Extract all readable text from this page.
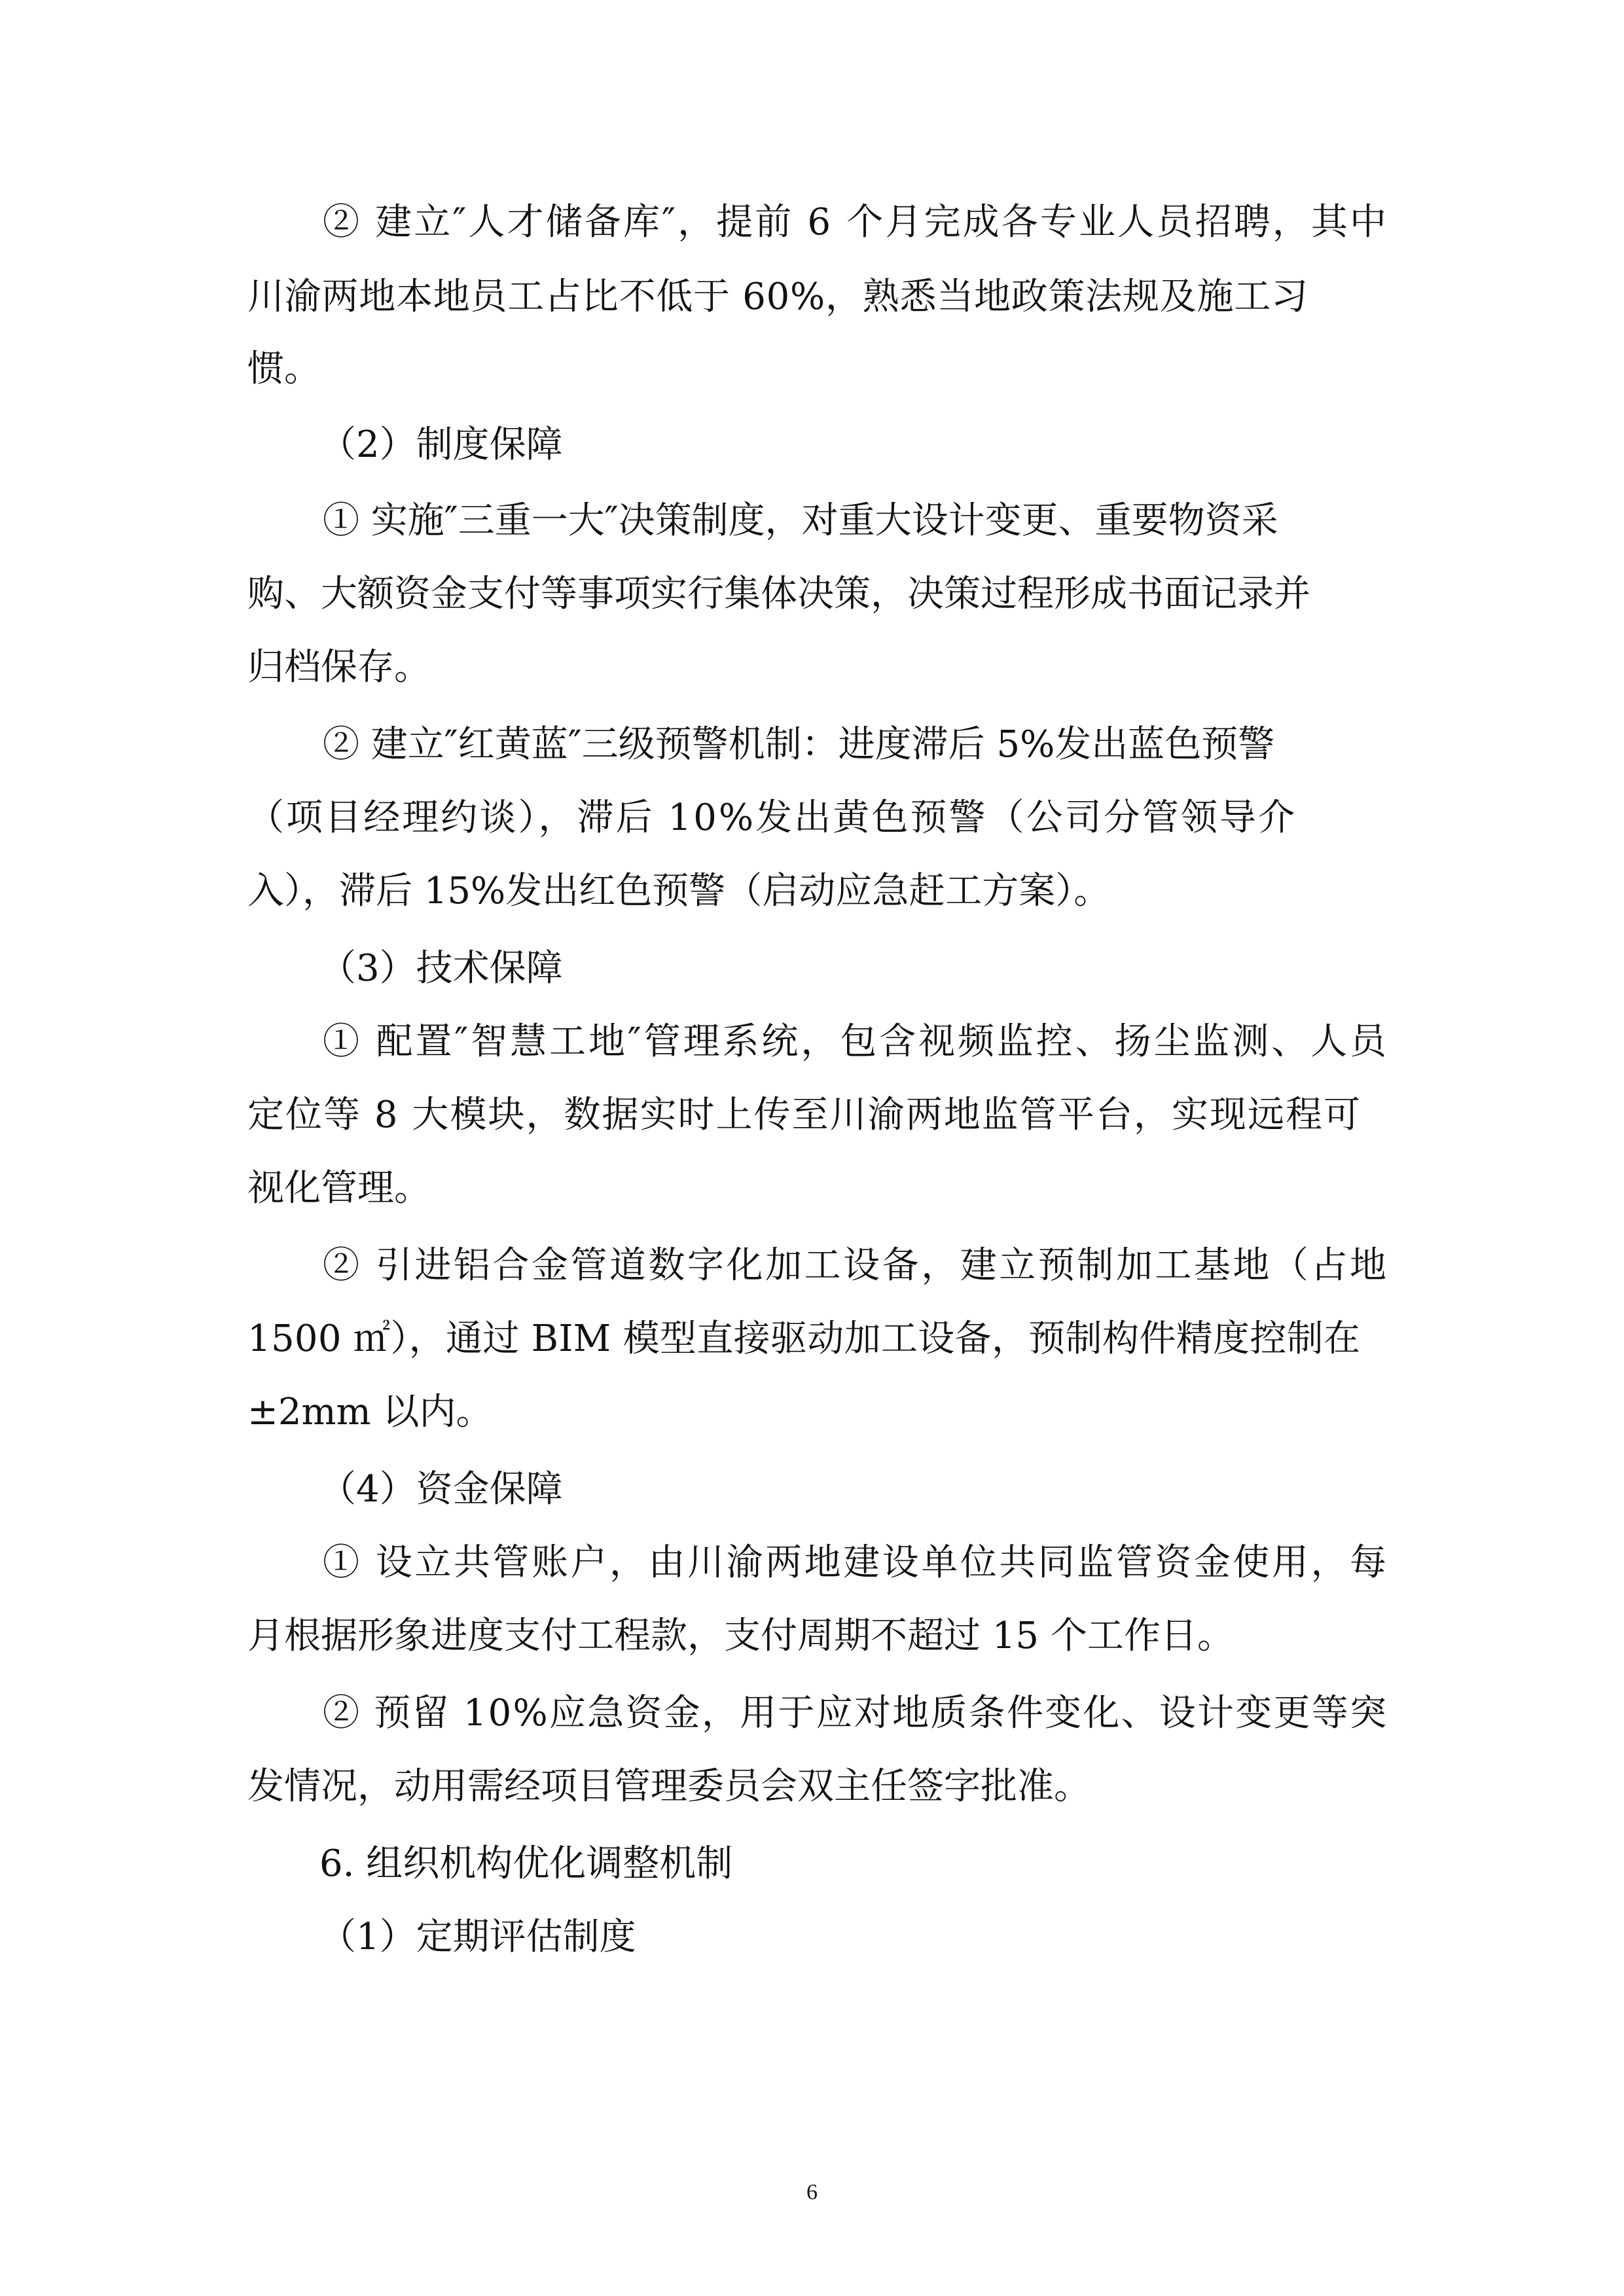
② 建立″人才储备库″，提前 6 个月完成各专业人员招聘，其中
川渝两地本地员工占比不低于 60%，熟悉当地政策法规及施工习
惯。
（2）制度保障
① 实施″三重一大″决策制度，对重大设计变更、重要物资采
购、大额资金支付等事项实行集体决策，决策过程形成书面记录并
归档保存。
② 建立″红黄蓝″三级预警机制：进度滞后 5%发出蓝色预警
（项目经理约谈），滞后 10%发出黄色预警（公司分管领导介
入），滞后 15%发出红色预警（启动应急赶工方案）。
（3）技术保障
① 配置″智慧工地″管理系统，包含视频监控、扬尘监测、人员
定位等 8 大模块，数据实时上传至川渝两地监管平台，实现远程可
视化管理。
② 引进铝合金管道数字化加工设备，建立预制加工基地（占地
1500 ㎡），通过 BIM 模型直接驱动加工设备，预制构件精度控制在
±2mm 以内。
（4）资金保障
① 设立共管账户，由川渝两地建设单位共同监管资金使用，每
月根据形象进度支付工程款，支付周期不超过 15 个工作日。
② 预留 10%应急资金，用于应对地质条件变化、设计变更等突
发情况，动用需经项目管理委员会双主任签字批准。
6. 组织机构优化调整机制
（1）定期评估制度
6
